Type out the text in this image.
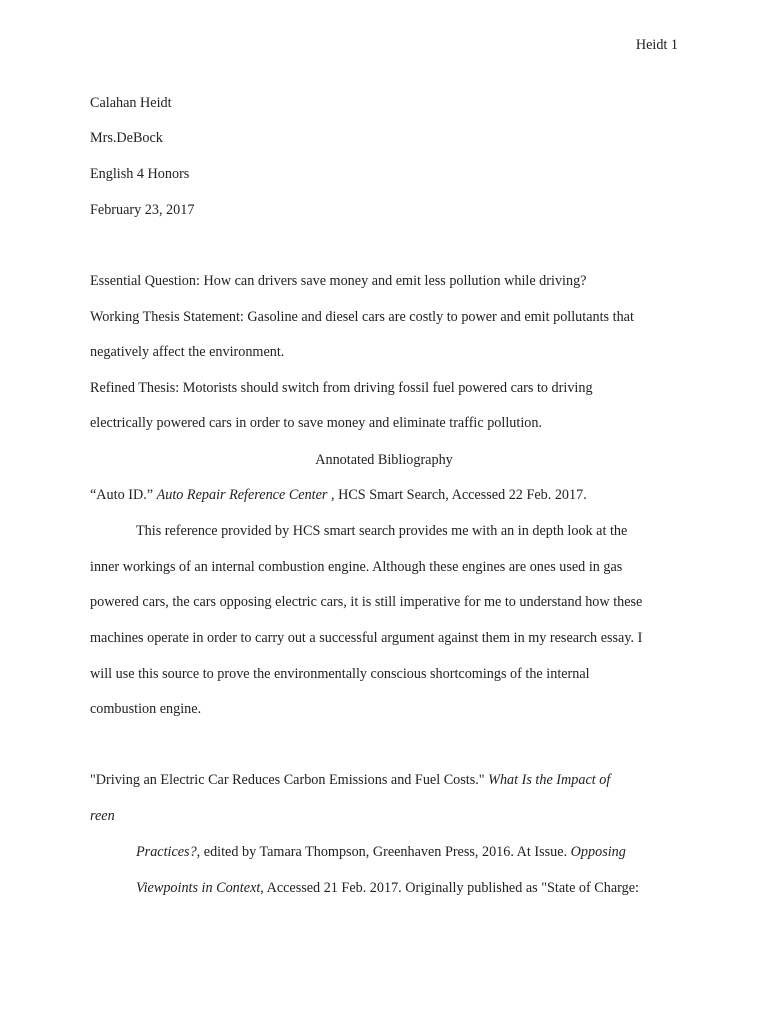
Heidt 1
Calahan Heidt
Mrs.DeBock
English 4 Honors
February 23, 2017
Essential Question: How can drivers save money and emit less pollution while driving?
Working Thesis Statement: Gasoline and diesel cars are costly to power and emit pollutants that
negatively affect the environment.
Refined Thesis: Motorists should switch from driving fossil fuel powered cars to driving
electrically powered cars in order to save money and eliminate traffic pollution.
Annotated Bibliography
“Auto ID.” Auto Repair Reference Center , HCS Smart Search, Accessed 22 Feb. 2017.
This reference provided by HCS smart search provides me with an in depth look at the
inner workings of an internal combustion engine. Although these engines are ones used in gas
powered cars, the cars opposing electric cars, it is still imperative for me to understand how these
machines operate in order to carry out a successful argument against them in my research essay. I
will use this source to prove the environmentally conscious shortcomings of the internal
combustion engine.
"Driving an Electric Car Reduces Carbon Emissions and Fuel Costs." What Is the Impact of
reen
Practices?, edited by Tamara Thompson, Greenhaven Press, 2016. At Issue. Opposing
Viewpoints in Context, Accessed 21 Feb. 2017. Originally published as "State of Charge:
